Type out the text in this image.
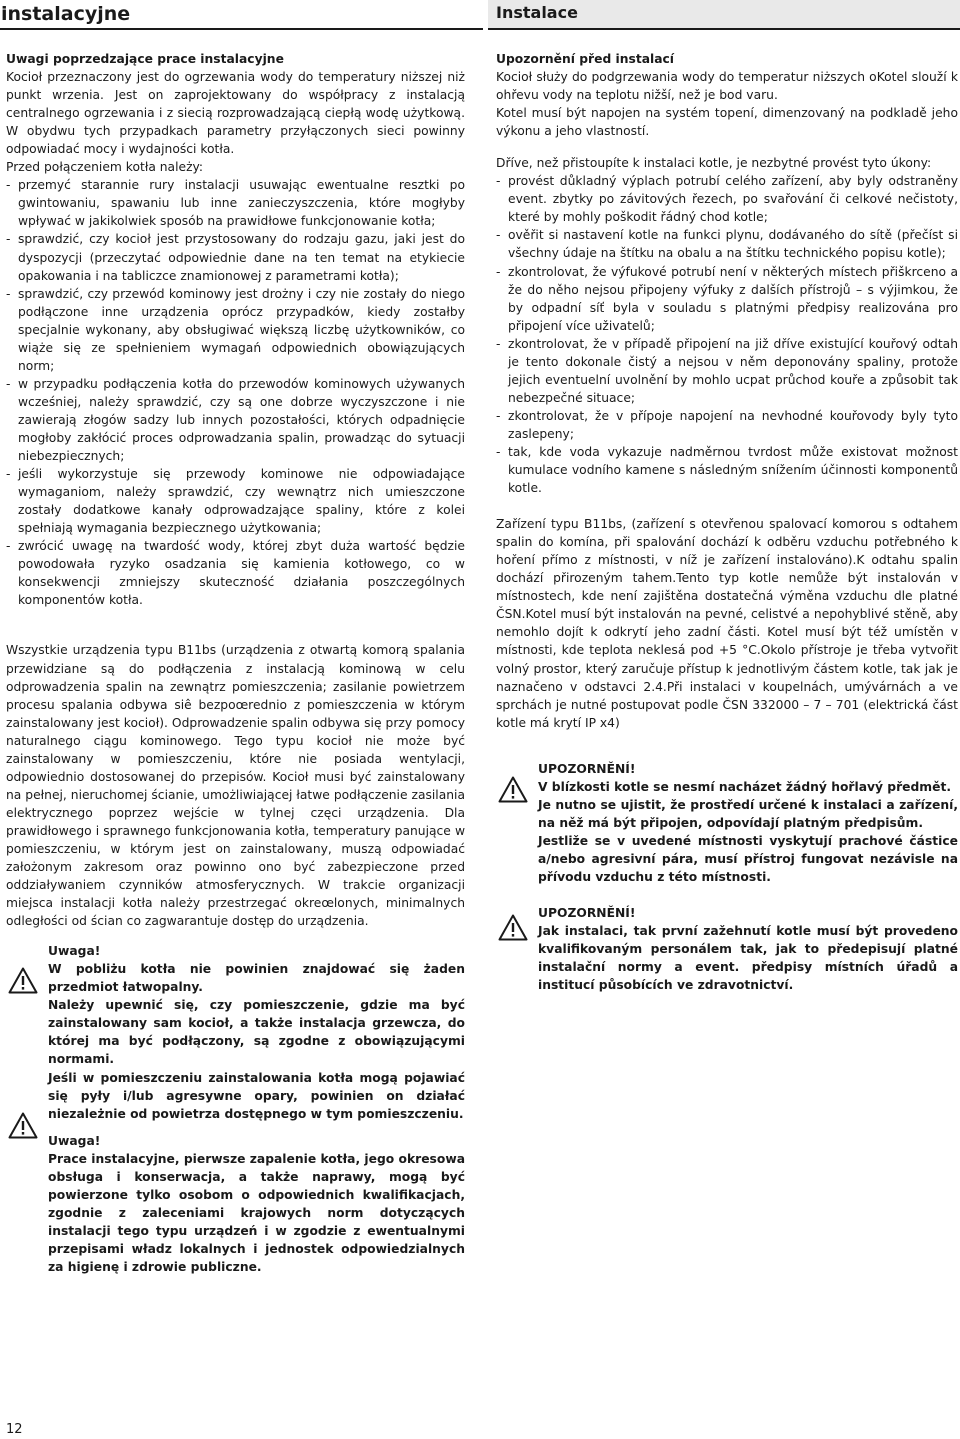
instalacyjne	Instalace

Uwagi poprzedzające prace instalacyjne

Kocioł przeznaczony jest do ogrzewania wody do temperatury niższej niż punkt wrzenia. Jest on zaprojektowany do współpracy z instalacją centralnego ogrzewania i z siecią rozprowadzającą ciepłą wodę użytkową. W obydwu tych przypadkach parametry przyłączonych sieci powinny odpowiadać mocy i wydajności kotła.

Przed połączeniem kotła należy:

- przemyć starannie rury instalacji usuwając ewentualne resztki po gwintowaniu, spawaniu lub inne zanieczyszczenia, które mogłyby wpływać w jakikolwiek sposób na prawidłowe funkcjonowanie kotła;
- sprawdzić, czy kocioł jest przystosowany do rodzaju gazu, jaki jest do dyspozycji (przeczytać odpowiednie dane na ten temat na etykiecie opakowania i na tabliczce znamionowej z parametrami kotła);
- sprawdzić, czy przewód kominowy jest drożny i czy nie zostały do niego podłączone inne urządzenia oprócz przypadków, kiedy zostałby specjalnie wykonany, aby obsługiwać większą liczbę użytkowników, co wiąże się ze spełnieniem wymagań odpowiednich obowiązujących norm;
- w przypadku podłączenia kotła do przewodów kominowych używanych wcześniej, należy sprawdzić, czy są one dobrze wyczyszczone i nie zawierają złogów sadzy lub innych pozostałości, których odpadnięcie mogłoby zakłócić proces odprowadzania spalin, prowadząc do sytuacji niebezpiecznych;
- jeśli wykorzystuje się przewody kominowe nie odpowiadające wymaganiom, należy sprawdzić, czy wewnątrz nich umieszczone zostały dodatkowe kanały odprowadzające spaliny, które z kolei spełniają wymagania bezpiecznego użytkowania;
- zwrócić uwagę na twardość wody, której zbyt duża wartość będzie powodowała ryzyko osadzania się kamienia kotłowego, co w konsekwencji zmniejszy skuteczność działania poszczególnych komponentów kotła.

Wszystkie urządzenia typu B11bs (urządzenia z otwartą komorą spalania przewidziane są do podłączenia z instalacją kominową w celu odprowadzenia spalin na zewnątrz pomieszczenia; zasilanie powietrzem procesu spalania odbywa siê bezpoœrednio z pomieszczenia w którym zainstalowany jest kocioł). Odprowadzenie spalin odbywa się przy pomocy naturalnego ciągu kominowego. Tego typu kocioł nie może być zainstalowany w pomieszczeniu, które nie posiada wentylacji, odpowiednio dostosowanej do przepisów. Kocioł musi być zainstalowany na pełnej, nieruchomej ścianie, umożliwiającej łatwe podłączenie zasilania elektrycznego poprzez wejście w tylnej częci urządzenia. Dla prawidłowego i sprawnego funkcjonowania kotła, temperatury panujące w pomieszczeniu, w którym jest on zainstalowany, muszą odpowiadać założonym zakresom oraz powinno ono być zabezpieczone przed oddziaływaniem czynników atmosferycznych. W trakcie organizacji miejsca instalacji kotła należy przestrzegać okreœlonych, minimalnych odległości od ścian co zagwarantuje dostęp do urządzenia.

Uwaga!

W pobliżu kotła nie powinien znajdować się żaden przedmiot łatwopalny.

Należy upewnić się, czy pomieszczenie, gdzie ma być zainstalowany sam kocioł, a także instalacja grzewcza, do której ma być podłączony, są zgodne z obowiązującymi normami.

Jeśli w pomieszczeniu zainstalowania kotła mogą pojawiać się pyły i/lub agresywne opary, powinien on działać niezależnie od powietrza dostępnego w tym pomieszczeniu.

Uwaga!

Prace instalacyjne, pierwsze zapalenie kotła, jego okresowa obsługa i konserwacja, a także naprawy, mogą być powierzone tylko osobom o odpowiednich kwalifikacjach, zgodnie z zaleceniami krajowych norm dotyczących instalacji tego typu urządzeń i w zgodzie z ewentualnymi przepisami władz lokalnych i jednostek odpowiedzialnych za higienę i zdrowie publiczne.

Upozornění před instalací

Kocioł służy do podgrzewania wody do temperatur niższych oKotel slouží k ohřevu vody na teplotu nižší, než je bod varu.

Kotel musí být napojen na systém topení, dimenzovaný na podkladě jeho výkonu a jeho vlastností.

Dříve, než přistoupíte k instalaci kotle, je nezbytné provést tyto úkony:

- provést důkladný výplach potrubí celého zařízení, aby byly odstraněny event. zbytky po závitových řezech, po svařování či celkové nečistoty, které by mohly poškodit řádný chod kotle;
- ověřit si nastavení kotle na funkci plynu, dodávaného do sítě (přečíst si všechny údaje na štítku na obalu a na štítku technického popisu kotle);
- zkontrolovat, že výfukové potrubí není v některých místech přiškrceno a že do něho nejsou připojeny výfuky z dalších přístrojů – s výjimkou, že by odpadní síť byla v souladu s platnými předpisy realizována pro připojení více uživatelů;
- zkontrolovat, že v případě připojení na již dříve existující kouřový odtah je tento dokonale čistý a nejsou v něm deponovány spaliny, protože jejich eventuelní uvolnění by mohlo ucpat průchod kouře a způsobit tak nebezpečné situace;
- zkontrolovat, že v přípoje napojení na nevhodné kouřovody byly tyto zaslepeny;
- tak, kde voda vykazuje nadměrnou tvrdost může existovat možnost kumulace vodního kamene s následným snížením účinnosti komponentů kotle.

Zařízení typu B11bs, (zařízení s otevřenou spalovací komorou s odtahem spalin do komína, při spalování dochází k odběru vzduchu potřebného k hoření přímo z místnosti, v níž je zařízení instalováno).K odtahu spalin dochází přirozeným tahem.Tento typ kotle nemůže být instalován v místnostech, kde není zajištěna dostatečná výměna vzduchu dle platné ČSN.Kotel musí být instalován na pevné, celistvé a nepohyblivé stěně, aby nemohlo dojít k odkrytí jeho zadní části. Kotel musí být též umístěn v místnosti, kde teplota neklesá pod +5 °C.Okolo přístroje je třeba vytvořit volný prostor, který zaručuje přístup k jednotlivým částem kotle, tak jak je naznačeno v odstavci 2.4.Při instalaci v koupelnách, umývárnách a ve sprchách je nutné postupovat podle ČSN 332000 – 7 – 701 (elektrická část kotle má krytí IP x4)

UPOZORNĚNÍ!

V blízkosti kotle se nesmí nacházet žádný hořlavý předmět.

Je nutno se ujistit, že prostředí určené k instalaci a zařízení, na něž má být připojen, odpovídají platným předpisům.

Jestliže se v uvedené místnosti vyskytují prachové částice a/nebo agresivní pára, musí přístroj fungovat nezávisle na přívodu vzduchu z této místnosti.

UPOZORNĚNÍ!

Jak instalaci, tak první zažehnutí kotle musí být provedeno kvalifikovaným personálem tak, jak to předepisují platné instalační normy a event. předpisy místních úřadů a institucí působících ve zdravotnictví.

12
